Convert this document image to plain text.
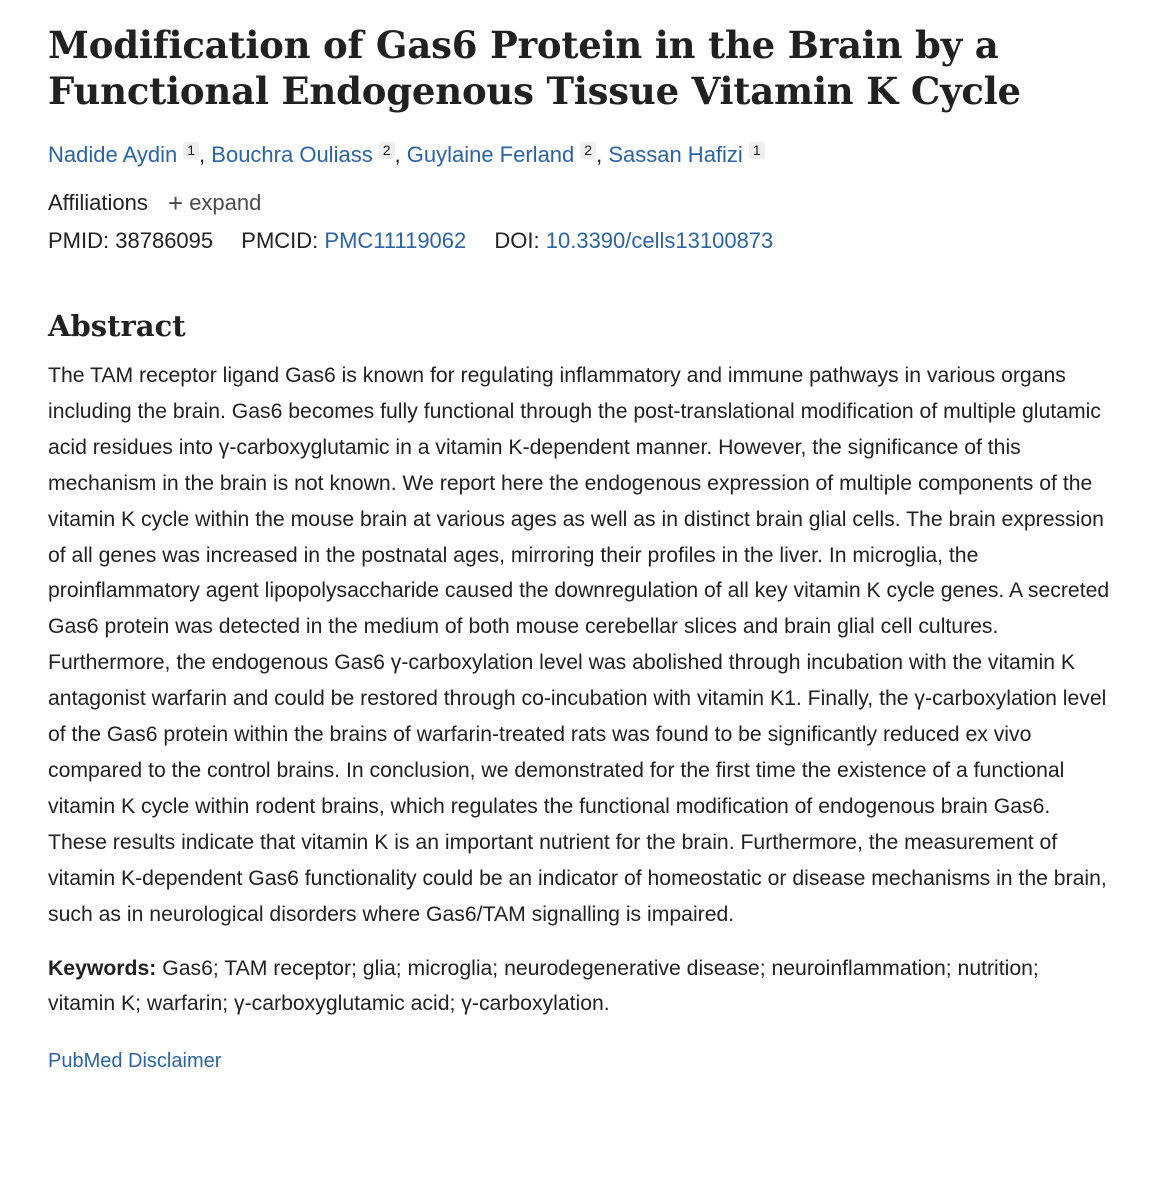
Modification of Gas6 Protein in the Brain by a Functional Endogenous Tissue Vitamin K Cycle
Nadide Aydin 1 , Bouchra Ouliass 2 , Guylaine Ferland 2 , Sassan Hafizi 1
Affiliations + expand
PMID: 38786095 PMCID: PMC11119062 DOI: 10.3390/cells13100873
Abstract
The TAM receptor ligand Gas6 is known for regulating inflammatory and immune pathways in various organs including the brain. Gas6 becomes fully functional through the post-translational modification of multiple glutamic acid residues into γ-carboxyglutamic in a vitamin K-dependent manner. However, the significance of this mechanism in the brain is not known. We report here the endogenous expression of multiple components of the vitamin K cycle within the mouse brain at various ages as well as in distinct brain glial cells. The brain expression of all genes was increased in the postnatal ages, mirroring their profiles in the liver. In microglia, the proinflammatory agent lipopolysaccharide caused the downregulation of all key vitamin K cycle genes. A secreted Gas6 protein was detected in the medium of both mouse cerebellar slices and brain glial cell cultures. Furthermore, the endogenous Gas6 γ-carboxylation level was abolished through incubation with the vitamin K antagonist warfarin and could be restored through co-incubation with vitamin K1. Finally, the γ-carboxylation level of the Gas6 protein within the brains of warfarin-treated rats was found to be significantly reduced ex vivo compared to the control brains. In conclusion, we demonstrated for the first time the existence of a functional vitamin K cycle within rodent brains, which regulates the functional modification of endogenous brain Gas6. These results indicate that vitamin K is an important nutrient for the brain. Furthermore, the measurement of vitamin K-dependent Gas6 functionality could be an indicator of homeostatic or disease mechanisms in the brain, such as in neurological disorders where Gas6/TAM signalling is impaired.
Keywords: Gas6; TAM receptor; glia; microglia; neurodegenerative disease; neuroinflammation; nutrition; vitamin K; warfarin; γ-carboxyglutamic acid; γ-carboxylation.
PubMed Disclaimer
